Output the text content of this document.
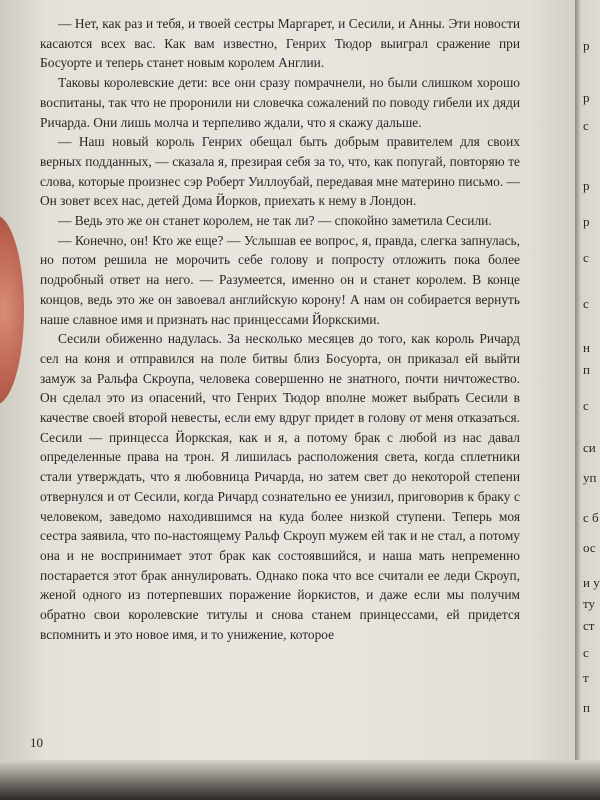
— Нет, как раз и тебя, и твоей сестры Маргарет, и Сесили, и Анны. Эти новости касаются всех вас. Как вам известно, Генрих Тюдор выиграл сражение при Босуорте и теперь станет новым королем Англии.

Таковы королевские дети: все они сразу помрачнели, но были слишком хорошо воспитаны, так что не проронили ни словечка сожалений по поводу гибели их дяди Ричарда. Они лишь молча и терпеливо ждали, что я скажу дальше.

— Наш новый король Генрих обещал быть добрым правителем для своих верных подданных, — сказала я, презирая себя за то, что, как попугай, повторяю те слова, которые произнес сэр Роберт Уиллоубай, передавая мне материно письмо. — Он зовет всех нас, детей Дома Йорков, приехать к нему в Лондон.

— Ведь это же он станет королем, не так ли? — спокойно заметила Сесили.

— Конечно, он! Кто же еще? — Услышав ее вопрос, я, правда, слегка запнулась, но потом решила не морочить себе голову и попросту отложить пока более подробный ответ на него. — Разумеется, именно он и станет королем. В конце концов, ведь это же он завоевал английскую корону! А нам он собирается вернуть наше славное имя и признать нас принцессами Йоркскими.

Сесили обиженно надулась. За несколько месяцев до того, как король Ричард сел на коня и отправился на поле битвы близ Босуорта, он приказал ей выйти замуж за Ральфа Скроупа, человека совершенно не знатного, почти ничтожество. Он сделал это из опасений, что Генрих Тюдор вполне может выбрать Сесили в качестве своей второй невесты, если ему вдруг придет в голову от меня отказаться. Сесили — принцесса Йоркская, как и я, а потому брак с любой из нас давал определенные права на трон. Я лишилась расположения света, когда сплетники стали утверждать, что я любовница Ричарда, но затем свет до некоторой степени отвернулся и от Сесили, когда Ричард сознательно ее унизил, приговорив к браку с человеком, заведомо находившимся на куда более низкой ступени. Теперь моя сестра заявила, что по-настоящему Ральф Скроуп мужем ей так и не стал, а потому она и не воспринимает этот брак как состоявшийся, и наша мать непременно постарается этот брак аннулировать. Однако пока что все считали ее леди Скроуп, женой одного из потерпевших поражение йоркистов, и даже если мы получим обратно свои королевские титулы и снова станем принцессами, ей придется вспомнить и это новое имя, и то унижение, которое

10
р
р
с
р
р
с
с
н
п
с
си
уп
с б
ос
и у
ту
ст
с
т
п
